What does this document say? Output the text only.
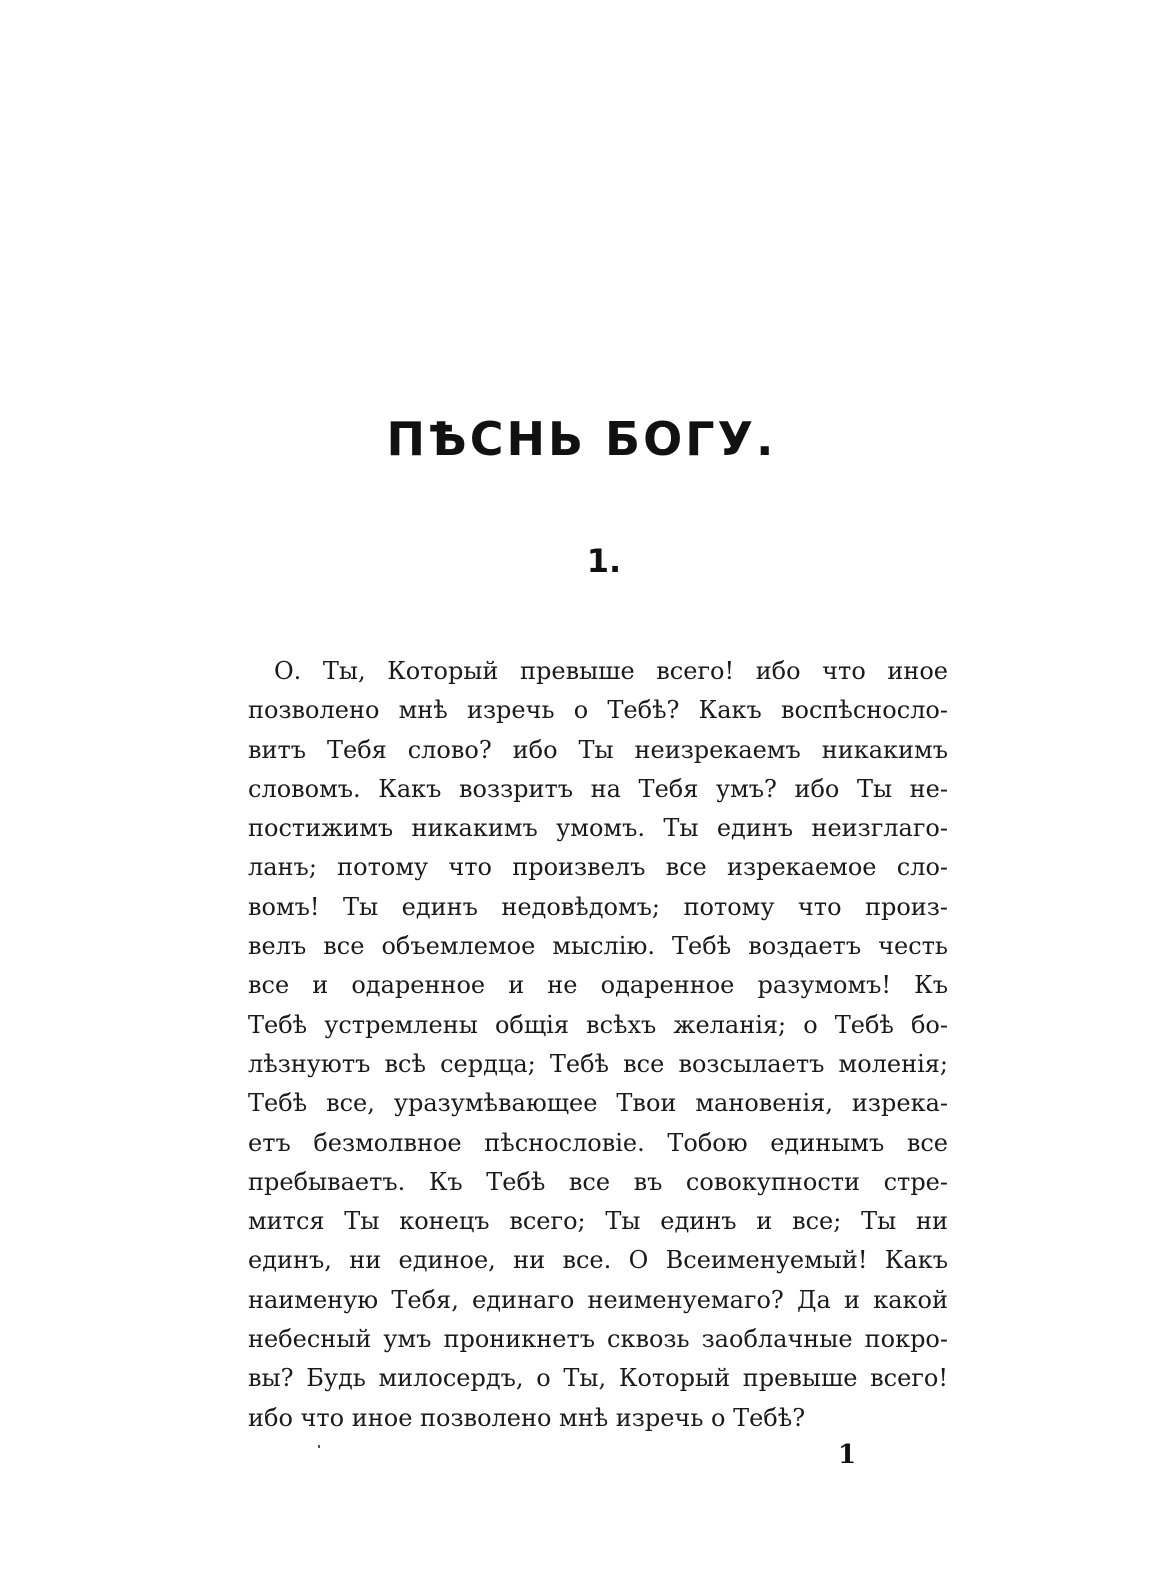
ПѢСНЬ БОГУ.
1.
О. Ты, Который превыше всего! ибо что иное
позволено мнѣ изречь о Тебѣ? Какъ воспѣсносло-
витъ Тебя слово? ибо Ты неизрекаемъ никакимъ
словомъ. Какъ воззритъ на Тебя умъ? ибо Ты не-
постижимъ никакимъ умомъ. Ты единъ неизглаго-
ланъ; потому что произвелъ все изрекаемое сло-
вомъ! Ты единъ недовѣдомъ; потому что произ-
велъ все объемлемое мыслію. Тебѣ воздаетъ честь
все и одаренное и не одаренное разумомъ! Къ
Тебѣ устремлены общія всѣхъ желанія; о Тебѣ бо-
лѣзнуютъ всѣ сердца; Тебѣ все возсылаетъ моленія;
Тебѣ все, уразумѣвающее Твои мановенія, изрека-
етъ безмолвное пѣснословіе. Тобою единымъ все
пребываетъ. Къ Тебѣ все въ совокупности стре-
мится Ты конецъ всего; Ты единъ и все; Ты ни
единъ, ни единое, ни все. О Всеименуемый! Какъ
наименую Тебя, единаго неименуемаго? Да и какой
небесный умъ проникнетъ сквозь заоблачные покро-
вы? Будь милосердъ, о Ты, Который превыше всего!
ибо что иное позволено мнѣ изречь о Тебѣ?
1
